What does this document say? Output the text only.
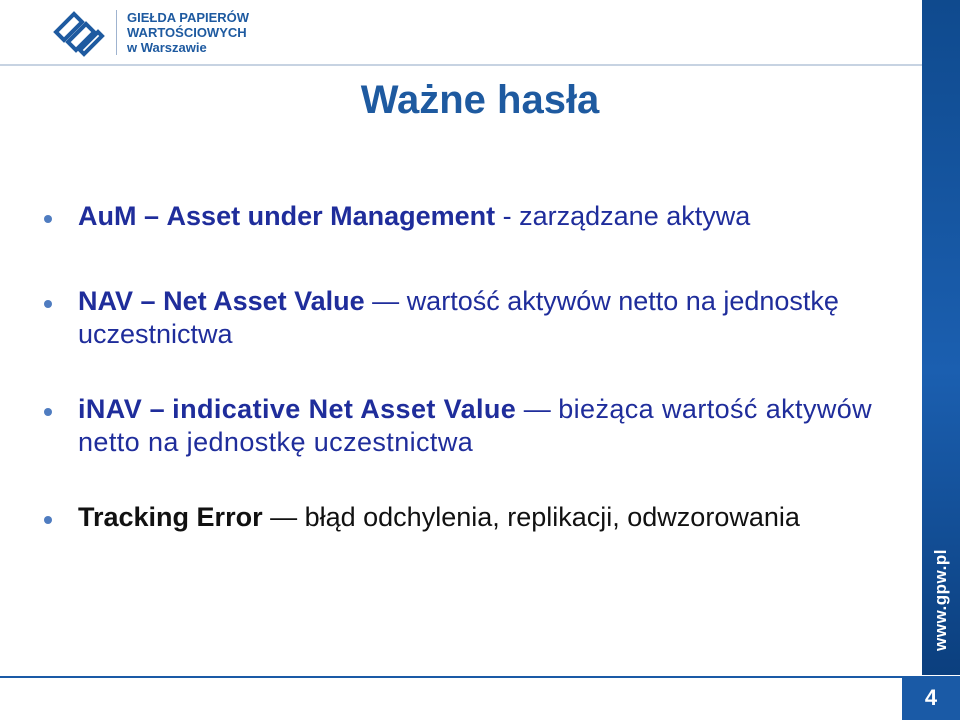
GIEŁDA PAPIERÓW
WARTOŚCIOWYCH
w Warszawie
www.gpw.pl
4
Ważne hasła
AuM – Asset under Management - zarządzane aktywa
NAV – Net Asset Value — wartość aktywów netto na jednostkę uczestnictwa
iNAV – indicative Net Asset Value — bieżąca wartość aktywów netto na jednostkę uczestnictwa
Tracking Error — błąd odchylenia, replikacji, odwzorowania
